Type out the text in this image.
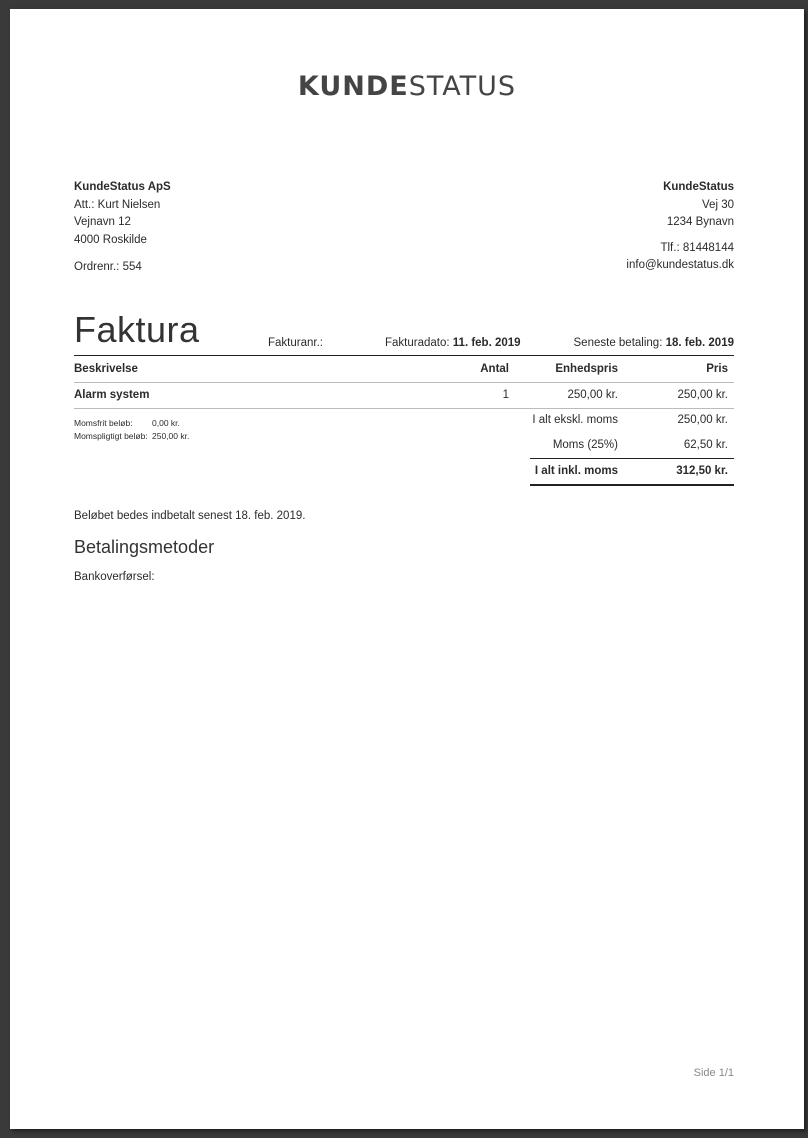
KUNDESTATUS
KundeStatus ApS
Att.: Kurt Nielsen
Vejnavn 12
4000 Roskilde
Ordrenr.: 554
KundeStatus
Vej 30
1234 Bynavn
Tlf.: 81448144
info@kundestatus.dk
Faktura	Fakturanr.:	Fakturadato: 11. feb. 2019	Seneste betaling: 18. feb. 2019
Beskrivelse	Antal	Enhedspris	Pris
Alarm system	1	250,00 kr.	250,00 kr.
Momsfrit beløb: 0,00 kr.
Momspligtigt beløb: 250,00 kr.
I alt ekskl. moms	250,00 kr.
Moms (25%)	62,50 kr.
I alt inkl. moms	312,50 kr.
Beløbet bedes indbetalt senest 18. feb. 2019.
Betalingsmetoder
Bankoverførsel:
Side 1/1
